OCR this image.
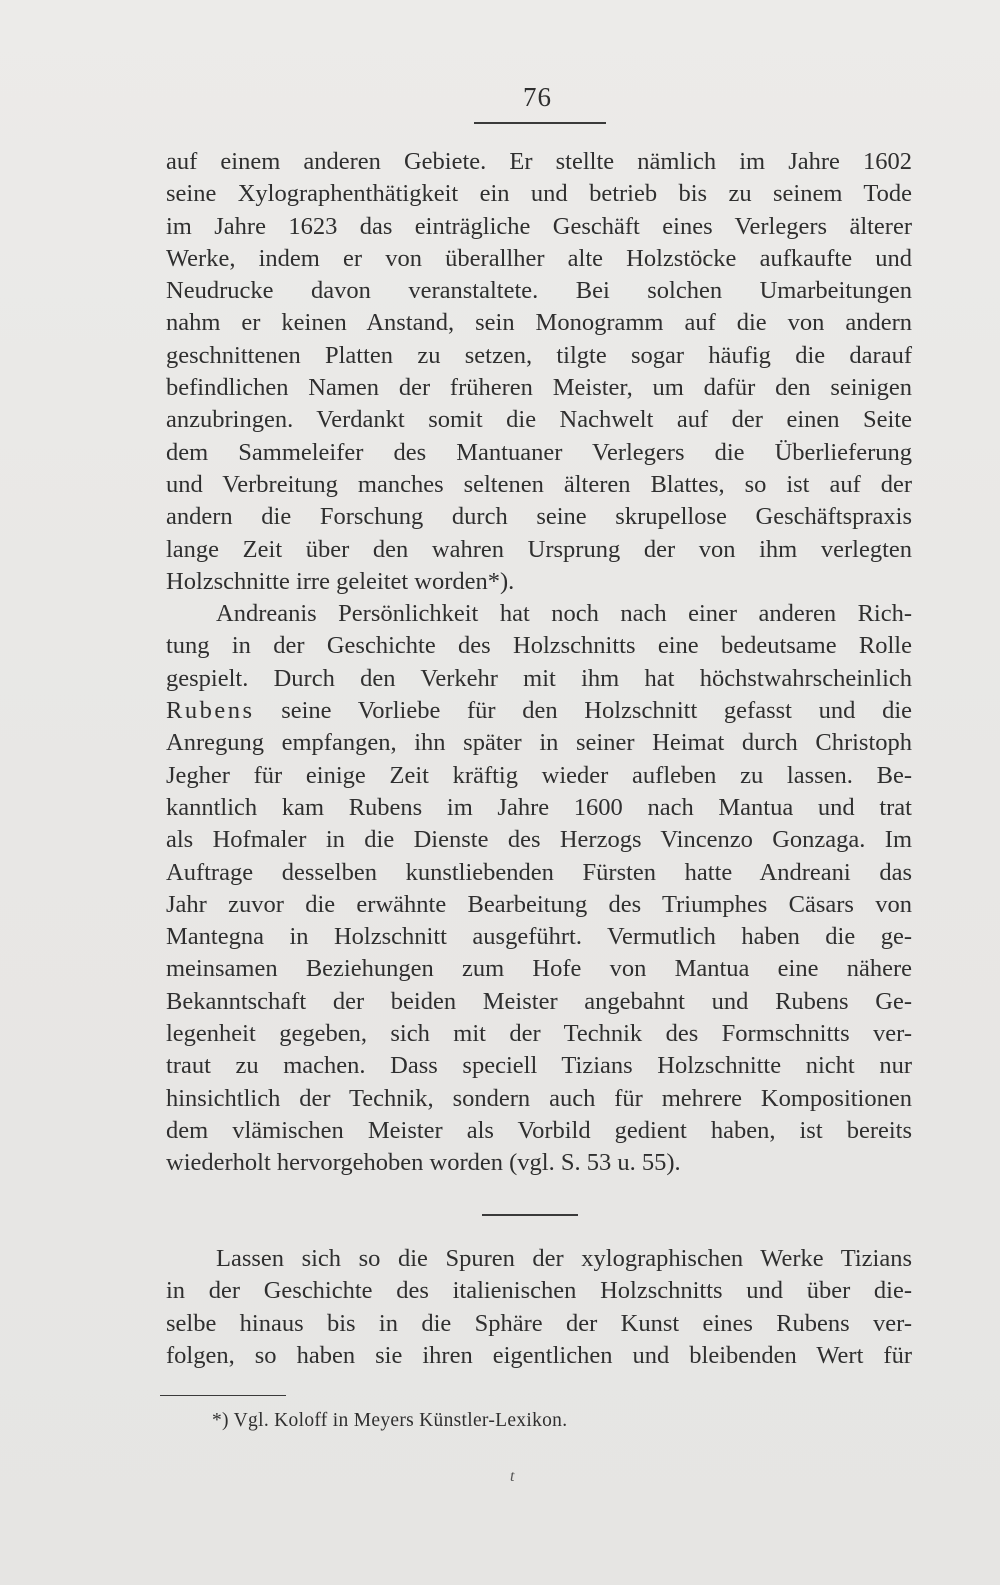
76
auf einem anderen Gebiete. Er stellte nämlich im Jahre 1602
seine Xylographenthätigkeit ein und betrieb bis zu seinem Tode
im Jahre 1623 das einträgliche Geschäft eines Verlegers älterer
Werke, indem er von überallher alte Holzstöcke aufkaufte und
Neudrucke davon veranstaltete. Bei solchen Umarbeitungen
nahm er keinen Anstand, sein Monogramm auf die von andern
geschnittenen Platten zu setzen, tilgte sogar häufig die darauf
befindlichen Namen der früheren Meister, um dafür den seinigen
anzubringen. Verdankt somit die Nachwelt auf der einen Seite
dem Sammeleifer des Mantuaner Verlegers die Überlieferung
und Verbreitung manches seltenen älteren Blattes, so ist auf der
andern die Forschung durch seine skrupellose Geschäftspraxis
lange Zeit über den wahren Ursprung der von ihm verlegten
Holzschnitte irre geleitet worden*).
Andreanis Persönlichkeit hat noch nach einer anderen Rich-
tung in der Geschichte des Holzschnitts eine bedeutsame Rolle
gespielt. Durch den Verkehr mit ihm hat höchstwahrscheinlich
Rubens seine Vorliebe für den Holzschnitt gefasst und die
Anregung empfangen, ihn später in seiner Heimat durch Christoph
Jegher für einige Zeit kräftig wieder aufleben zu lassen. Be-
kanntlich kam Rubens im Jahre 1600 nach Mantua und trat
als Hofmaler in die Dienste des Herzogs Vincenzo Gonzaga. Im
Auftrage desselben kunstliebenden Fürsten hatte Andreani das
Jahr zuvor die erwähnte Bearbeitung des Triumphes Cäsars von
Mantegna in Holzschnitt ausgeführt. Vermutlich haben die ge-
meinsamen Beziehungen zum Hofe von Mantua eine nähere
Bekanntschaft der beiden Meister angebahnt und Rubens Ge-
legenheit gegeben, sich mit der Technik des Formschnitts ver-
traut zu machen. Dass speciell Tizians Holzschnitte nicht nur
hinsichtlich der Technik, sondern auch für mehrere Kompositionen
dem vlämischen Meister als Vorbild gedient haben, ist bereits
wiederholt hervorgehoben worden (vgl. S. 53 u. 55).
Lassen sich so die Spuren der xylographischen Werke Tizians
in der Geschichte des italienischen Holzschnitts und über die-
selbe hinaus bis in die Sphäre der Kunst eines Rubens ver-
folgen, so haben sie ihren eigentlichen und bleibenden Wert für
*) Vgl. Koloff in Meyers Künstler-Lexikon.
t
